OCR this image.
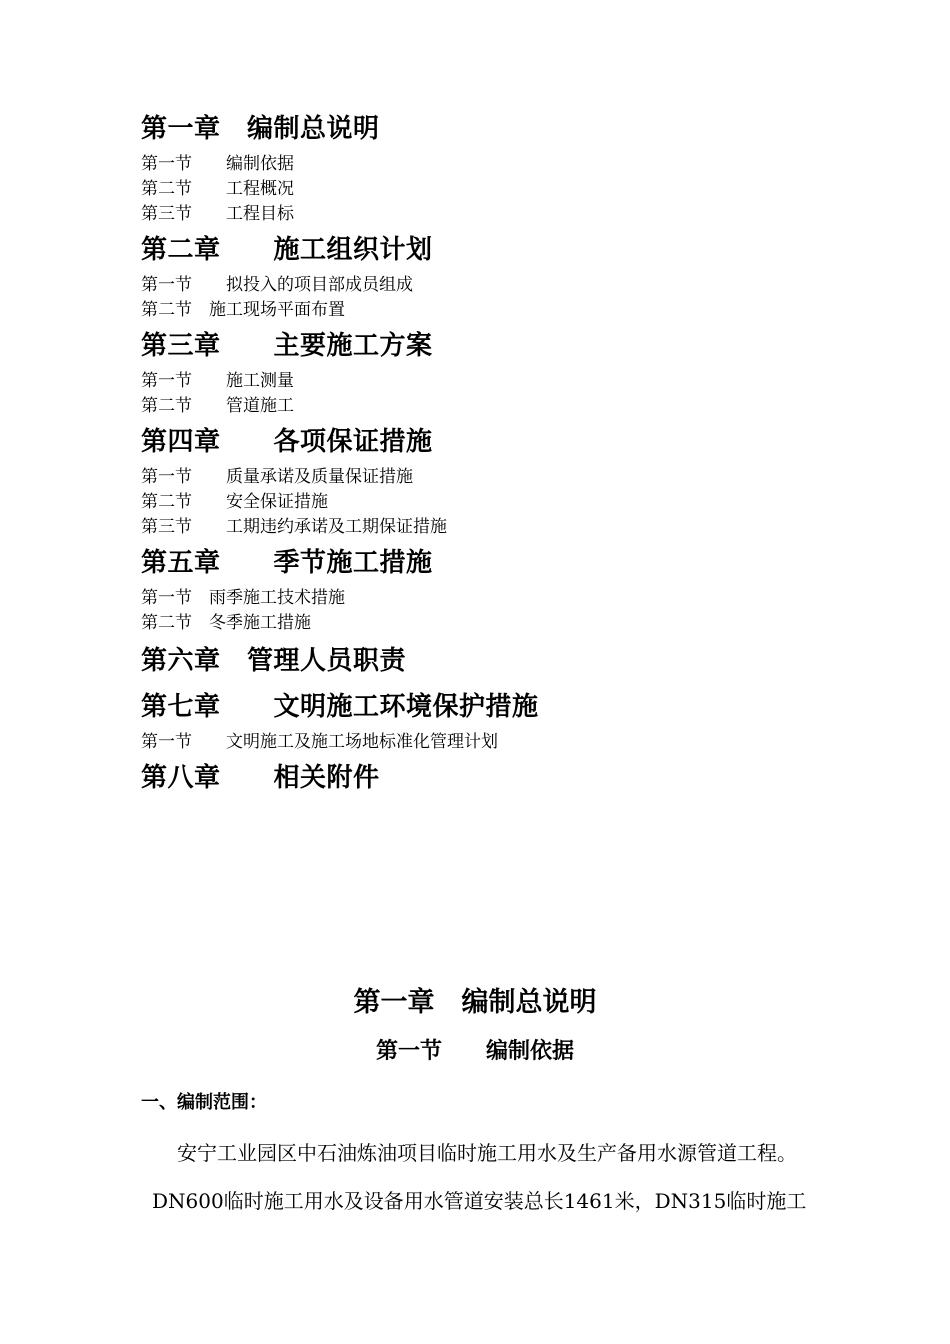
第一章　编制总说明
第一节　　编制依据
第二节　　工程概况
第三节　　工程目标
第二章　　施工组织计划
第一节　　拟投入的项目部成员组成
第二节　施工现场平面布置
第三章　　主要施工方案
第一节　　施工测量
第二节　　管道施工
第四章　　各项保证措施
第一节　　质量承诺及质量保证措施
第二节　　安全保证措施
第三节　　工期违约承诺及工期保证措施
第五章　　季节施工措施
第一节　雨季施工技术措施
第二节　冬季施工措施
第六章　管理人员职责
第七章　　文明施工环境保护措施
第一节　　文明施工及施工场地标准化管理计划
第八章　　相关附件
第一章　编制总说明
第一节　　编制依据
一、编制范围：
安宁工业园区中石油炼油项目临时施工用水及生产备用水源管道工程。
DN600临时施工用水及设备用水管道安装总长1461米，DN315临时施工
